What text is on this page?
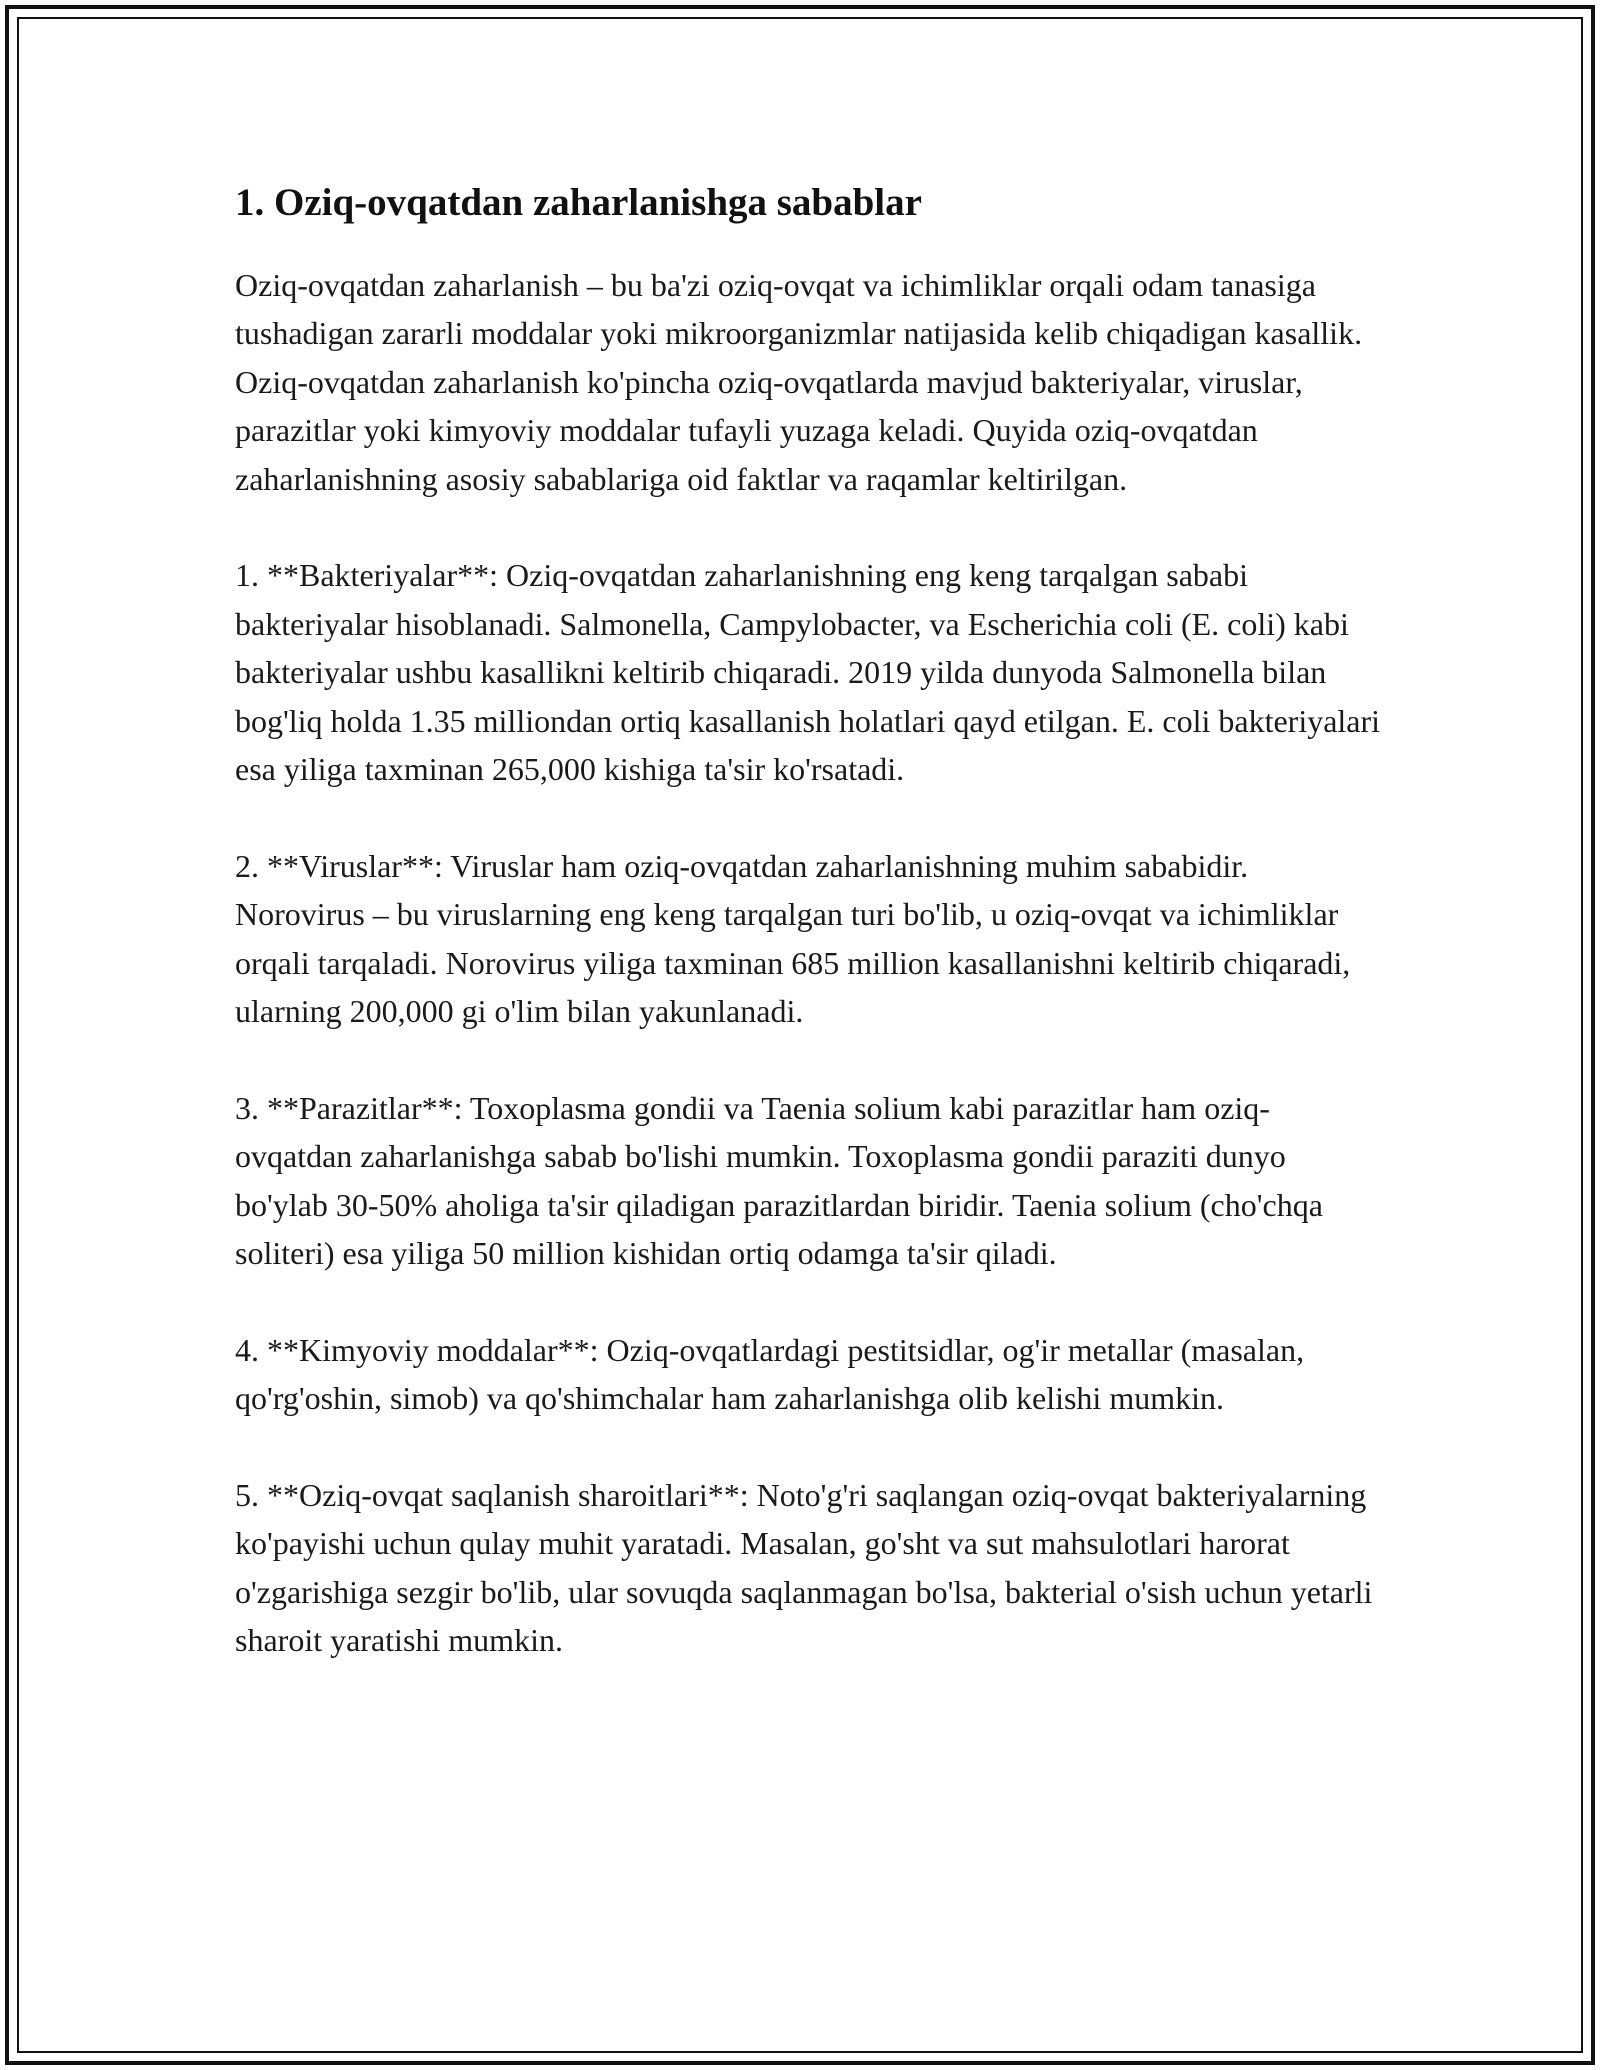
1. Oziq-ovqatdan zaharlanishga sabablar

Oziq-ovqatdan zaharlanish – bu ba'zi oziq-ovqat va ichimliklar orqali odam tanasiga tushadigan zararli moddalar yoki mikroorganizmlar natijasida kelib chiqadigan kasallik. Oziq-ovqatdan zaharlanish ko'pincha oziq-ovqatlarda mavjud bakteriyalar, viruslar, parazitlar yoki kimyoviy moddalar tufayli yuzaga keladi. Quyida oziq-ovqatdan zaharlanishning asosiy sabablariga oid faktlar va raqamlar keltirilgan.

1. **Bakteriyalar**: Oziq-ovqatdan zaharlanishning eng keng tarqalgan sababi bakteriyalar hisoblanadi. Salmonella, Campylobacter, va Escherichia coli (E. coli) kabi bakteriyalar ushbu kasallikni keltirib chiqaradi. 2019 yilda dunyoda Salmonella bilan bog'liq holda 1.35 milliondan ortiq kasallanish holatlari qayd etilgan. E. coli bakteriyalari esa yiliga taxminan 265,000 kishiga ta'sir ko'rsatadi.

2. **Viruslar**: Viruslar ham oziq-ovqatdan zaharlanishning muhim sababidir. Norovirus – bu viruslarning eng keng tarqalgan turi bo'lib, u oziq-ovqat va ichimliklar orqali tarqaladi. Norovirus yiliga taxminan 685 million kasallanishni keltirib chiqaradi, ularning 200,000 gi o'lim bilan yakunlanadi.

3. **Parazitlar**: Toxoplasma gondii va Taenia solium kabi parazitlar ham oziq-ovqatdan zaharlanishga sabab bo'lishi mumkin. Toxoplasma gondii paraziti dunyo bo'ylab 30-50% aholiga ta'sir qiladigan parazitlardan biridir. Taenia solium (cho'chqa soliteri) esa yiliga 50 million kishidan ortiq odamga ta'sir qiladi.

4. **Kimyoviy moddalar**: Oziq-ovqatlardagi pestitsidlar, og'ir metallar (masalan, qo'rg'oshin, simob) va qo'shimchalar ham zaharlanishga olib kelishi mumkin.

5. **Oziq-ovqat saqlanish sharoitlari**: Noto'g'ri saqlangan oziq-ovqat bakteriyalarning ko'payishi uchun qulay muhit yaratadi. Masalan, go'sht va sut mahsulotlari harorat o'zgarishiga sezgir bo'lib, ular sovuqda saqlanmagan bo'lsa, bakterial o'sish uchun yetarli sharoit yaratishi mumkin.
